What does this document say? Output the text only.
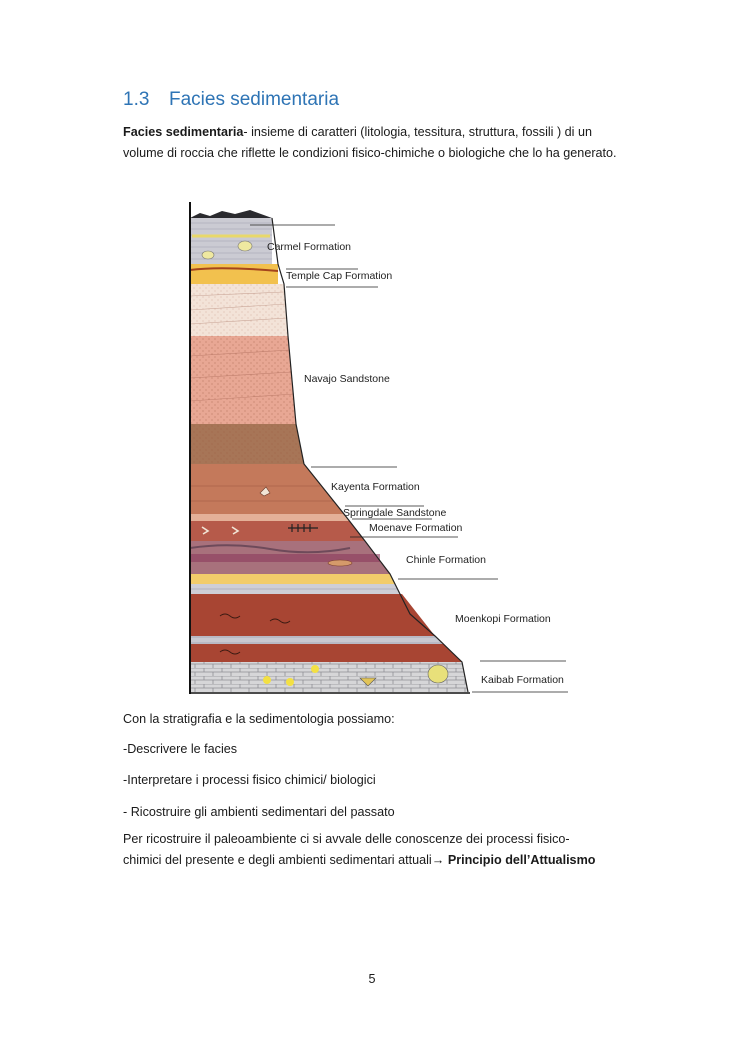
1.3 Facies sedimentaria
Facies sedimentaria- insieme di caratteri (litologia, tessitura, struttura, fossili ) di un volume di roccia che riflette le condizioni fisico-chimiche o biologiche che lo ha generato.
Carmel Formation
Temple Cap Formation
Navajo Sandstone
Kayenta Formation
Springdale Sandstone
Moenave Formation
Chinle Formation
Moenkopi Formation
Kaibab Formation
Con la stratigrafia e la sedimentologia possiamo:
-Descrivere le facies
-Interpretare i processi fisico chimici/ biologici
- Ricostruire gli ambienti sedimentari del passato
Per ricostruire il paleoambiente ci si avvale delle conoscenze dei processi fisico-
chimici del presente e degli ambienti sedimentari attuali→ Principio dell’Attualismo
5
